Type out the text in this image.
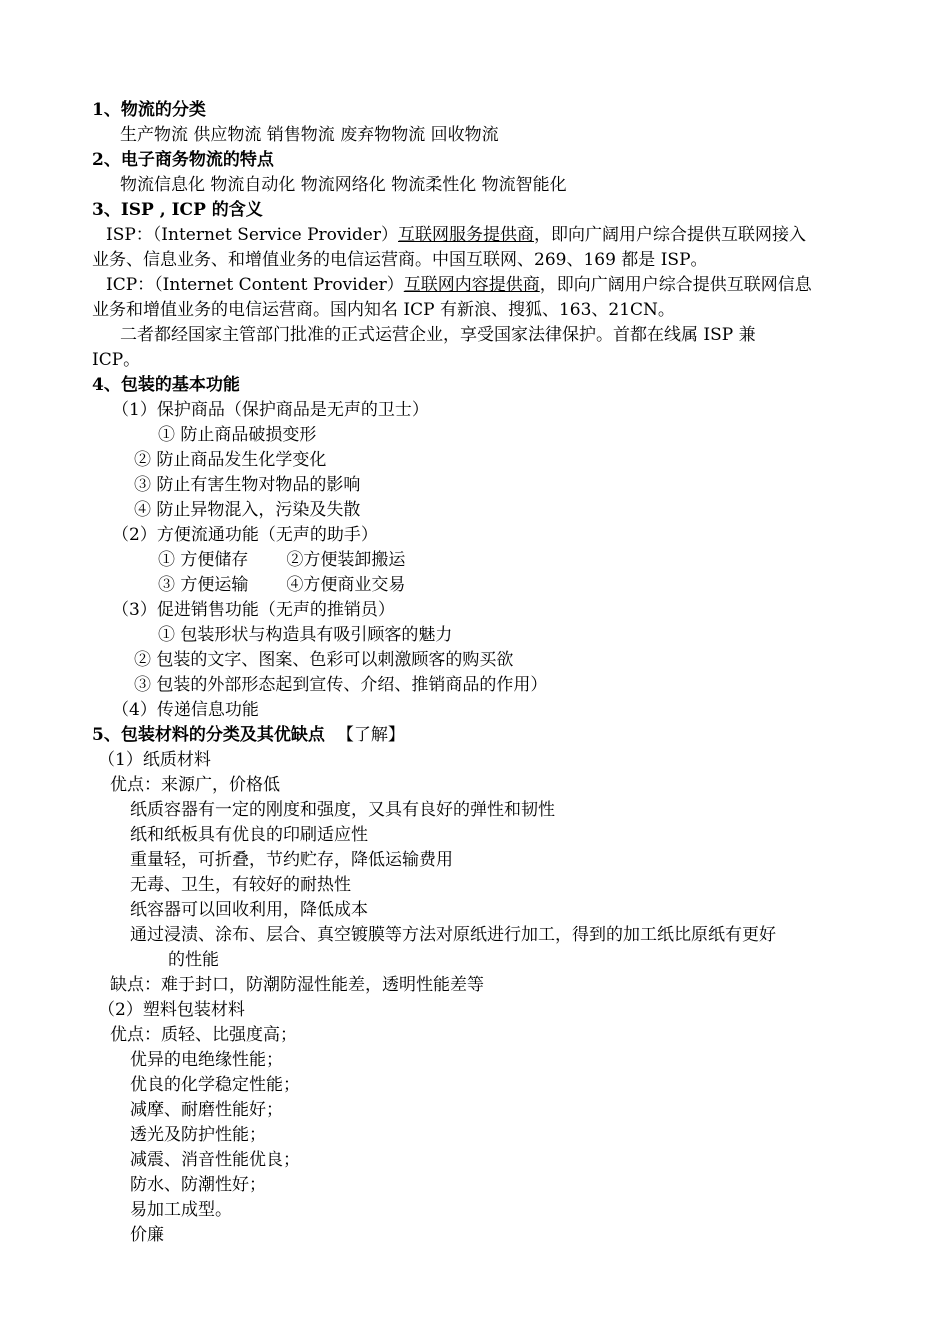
1、物流的分类
生产物流 供应物流 销售物流 废弃物物流 回收物流
2、电子商务物流的特点
物流信息化 物流自动化 物流网络化 物流柔性化 物流智能化
3、ISP , ICP 的含义
ISP：（Internet Service Provider）互联网服务提供商，即向广阔用户综合提供互联网接入
业务、信息业务、和增值业务的电信运营商。中国互联网、269、169 都是 ISP。
ICP：（Internet Content Provider）互联网内容提供商，即向广阔用户综合提供互联网信息
业务和增值业务的电信运营商。国内知名 ICP 有新浪、搜狐、163、21CN。
二者都经国家主管部门批准的正式运营企业，享受国家法律保护。首都在线属 ISP 兼
ICP。
4、包装的基本功能
（1）保护商品（保护商品是无声的卫士）
① 防止商品破损变形
② 防止商品发生化学变化
③ 防止有害生物对物品的影响
④ 防止异物混入，污染及失散
（2）方便流通功能（无声的助手）
① 方便储存 ②方便装卸搬运
③ 方便运输 ④方便商业交易
（3）促进销售功能（无声的推销员）
① 包装形状与构造具有吸引顾客的魅力
② 包装的文字、图案、色彩可以刺激顾客的购买欲
③ 包装的外部形态起到宣传、介绍、推销商品的作用）
（4）传递信息功能
5、包装材料的分类及其优缺点 【了解】
（1）纸质材料
优点：来源广，价格低
纸质容器有一定的刚度和强度，又具有良好的弹性和韧性
纸和纸板具有优良的印刷适应性
重量轻，可折叠，节约贮存，降低运输费用
无毒、卫生，有较好的耐热性
纸容器可以回收利用，降低成本
通过浸渍、涂布、层合、真空镀膜等方法对原纸进行加工，得到的加工纸比原纸有更好
的性能
缺点：难于封口，防潮防湿性能差，透明性能差等
（2）塑料包装材料
优点：质轻、比强度高；
优异的电绝缘性能；
优良的化学稳定性能；
减摩、耐磨性能好；
透光及防护性能；
减震、消音性能优良；
防水、防潮性好；
易加工成型。
价廉
